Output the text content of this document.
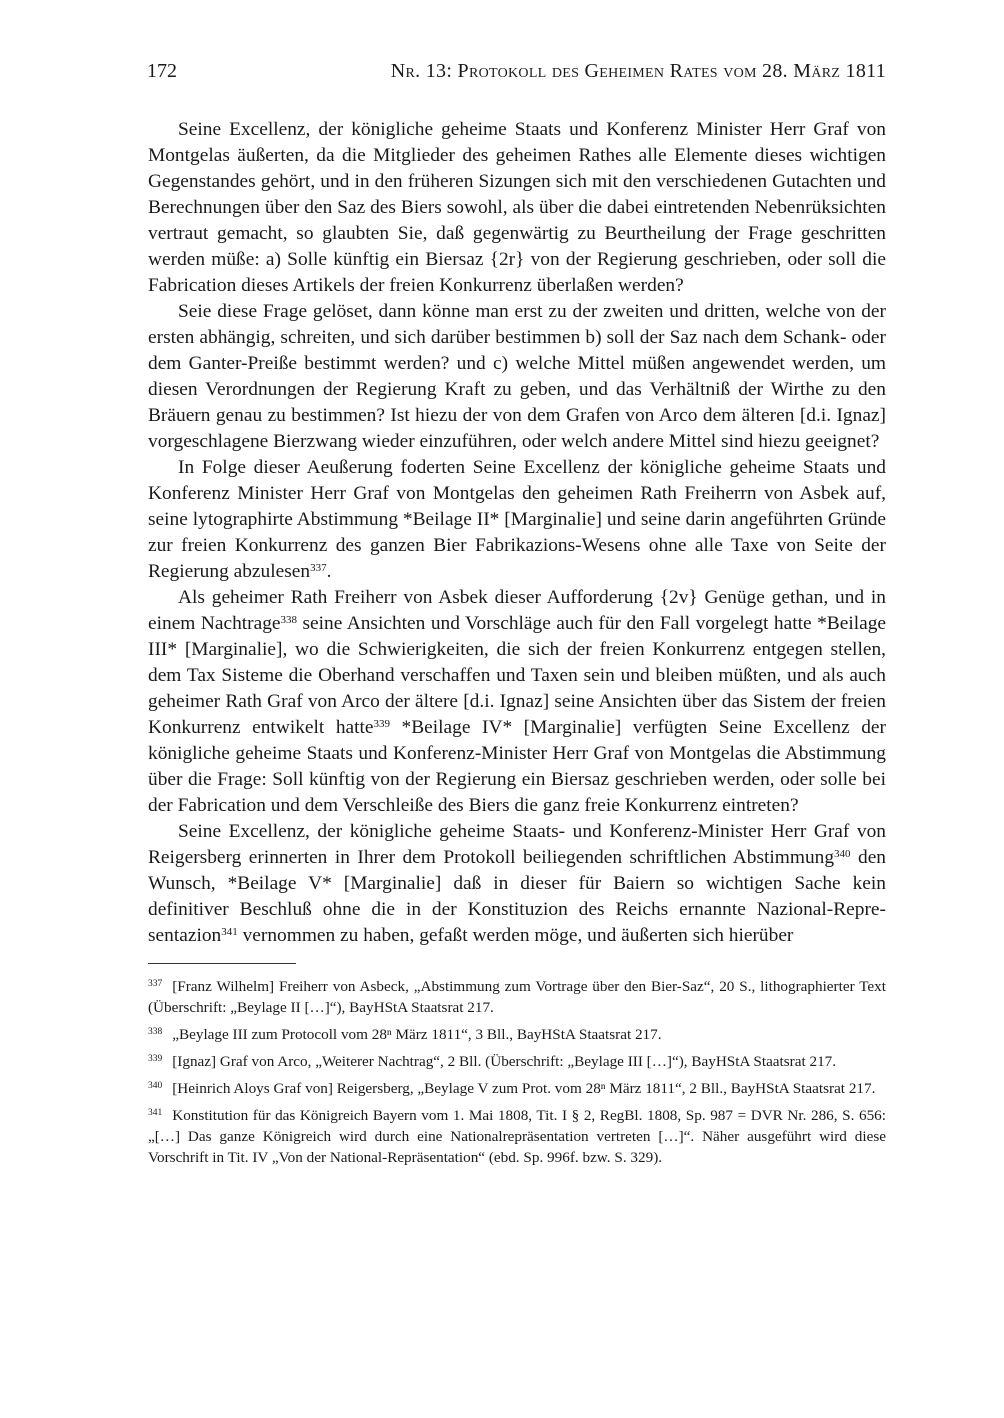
172	Nr. 13: Protokoll des Geheimen Rates vom 28. März 1811

Seine Excellenz, der königliche geheime Staats und Konferenz Minister Herr Graf von Montgelas äußerten, da die Mitglieder des geheimen Rathes alle Elemente dieses wichtigen Gegenstandes gehört, und in den früheren Sizungen sich mit den verschiedenen Gutachten und Berechnungen über den Saz des Biers sowohl, als über die dabei eintretenden Nebenrüksichten vertraut gemacht, so glaubten Sie, daß gegenwärtig zu Beurtheilung der Frage geschritten werden müße: a) Solle künftig ein Biersaz {2r} von der Regierung geschrieben, oder soll die Fabrication dieses Artikels der freien Konkurrenz überlaßen werden?

Seie diese Frage gelöset, dann könne man erst zu der zweiten und dritten, welche von der ersten abhängig, schreiten, und sich darüber bestimmen b) soll der Saz nach dem Schank- oder dem Ganter-Preiße bestimmt werden? und c) welche Mittel müßen angewendet werden, um diesen Verordnungen der Regierung Kraft zu geben, und das Verhältniß der Wirthe zu den Bräuern genau zu bestimmen? Ist hiezu der von dem Grafen von Arco dem älteren [d.i. Ignaz] vorgeschlagene Bierzwang wieder einzuführen, oder welch andere Mittel sind hiezu geeignet?

In Folge dieser Aeußerung foderten Seine Excellenz der königliche geheime Staats und Konferenz Minister Herr Graf von Montgelas den geheimen Rath Freiherrn von Asbek auf, seine lytographirte Abstimmung *Beilage II* [Marginalie] und seine darin angeführten Gründe zur freien Konkurrenz des ganzen Bier Fabrikazions-Wesens ohne alle Taxe von Seite der Regierung abzulesen$^{337}$.

Als geheimer Rath Freiherr von Asbek dieser Aufforderung {2v} Genüge gethan, und in einem Nachtrage$^{338}$ seine Ansichten und Vorschläge auch für den Fall vorgelegt hatte *Beilage III* [Marginalie], wo die Schwierigkeiten, die sich der freien Konkurrenz entgegen stellen, dem Tax Sisteme die Oberhand verschaffen und Taxen sein und bleiben müßten, und als auch geheimer Rath Graf von Arco der ältere [d.i. Ignaz] seine Ansichten über das Sistem der freien Konkurrenz entwikelt hatte$^{339}$ *Beilage IV* [Marginalie] verfügten Seine Excellenz der königliche geheime Staats und Konferenz-Minister Herr Graf von Montgelas die Abstimmung über die Frage: Soll künftig von der Regierung ein Biersaz geschrieben werden, oder solle bei der Fabrication und dem Verschleiße des Biers die ganz freie Konkurrenz eintreten?

Seine Excellenz, der königliche geheime Staats- und Konferenz-Minister Herr Graf von Reigersberg erinnerten in Ihrer dem Protokoll beiliegenden schriftlichen Abstimmung$^{340}$ den Wunsch, *Beilage V* [Marginalie] daß in dieser für Baiern so wichtigen Sache kein definitiver Beschluß ohne die in der Konstituzion des Reichs ernannte Nazional-Representazion$^{341}$ vernommen zu haben, gefaßt werden möge, und äußerten sich hierüber

$^{337}$ [Franz Wilhelm] Freiherr von Asbeck, „Abstimmung zum Vortrage über den Bier-Saz“, 20 S., lithographierter Text (Überschrift: „Beylage II […]“), BayHStA Staatsrat 217.

$^{338}$ „Beylage III zum Protocoll vom 28ⁿ März 1811“, 3 Bll., BayHStA Staatsrat 217.

$^{339}$ [Ignaz] Graf von Arco, „Weiterer Nachtrag“, 2 Bll. (Überschrift: „Beylage III […]“), BayHStA Staatsrat 217.

$^{340}$ [Heinrich Aloys Graf von] Reigersberg, „Beylage V zum Prot. vom 28ⁿ März 1811“, 2 Bll., BayHStA Staatsrat 217.

$^{341}$ Konstitution für das Königreich Bayern vom 1. Mai 1808, Tit. I § 2, RegBl. 1808, Sp. 987 = DVR Nr. 286, S. 656: „[…] Das ganze Königreich wird durch eine Nationalrepräsentation vertreten […]“. Näher ausgeführt wird diese Vorschrift in Tit. IV „Von der National-Repräsentation“ (ebd. Sp. 996f. bzw. S. 329).
